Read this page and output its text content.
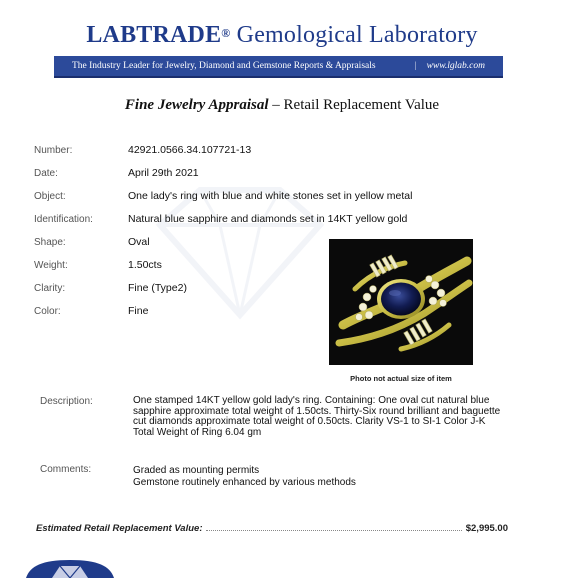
LABTRADE® Gemological Laboratory
The Industry Leader for Jewelry, Diamond and Gemstone Reports & Appraisals	| www.lglab.com
Fine Jewelry Appraisal – Retail Replacement Value
Number:	42921.0566.34.107721-13
Date:	April 29th 2021
Object:	One lady's ring with blue and white stones set in yellow metal
Identification:	Natural blue sapphire and diamonds set in 14KT yellow gold
Shape:	Oval
Weight:	1.50cts
Clarity:	Fine (Type2)
Color:	Fine
Photo not actual size of item
Description:	One stamped 14KT yellow gold lady's ring. Containing: One oval cut natural blue
sapphire approximate total weight of 1.50cts. Thirty-Six round brilliant and baguette
cut diamonds approximate total weight of 0.50cts. Clarity VS-1 to SI-1 Color J-K
Total Weight of Ring 6.04 gm
Comments:	Graded as mounting permits
Gemstone routinely enhanced by various methods
Estimated Retail Replacement Value:	$2,995.00
